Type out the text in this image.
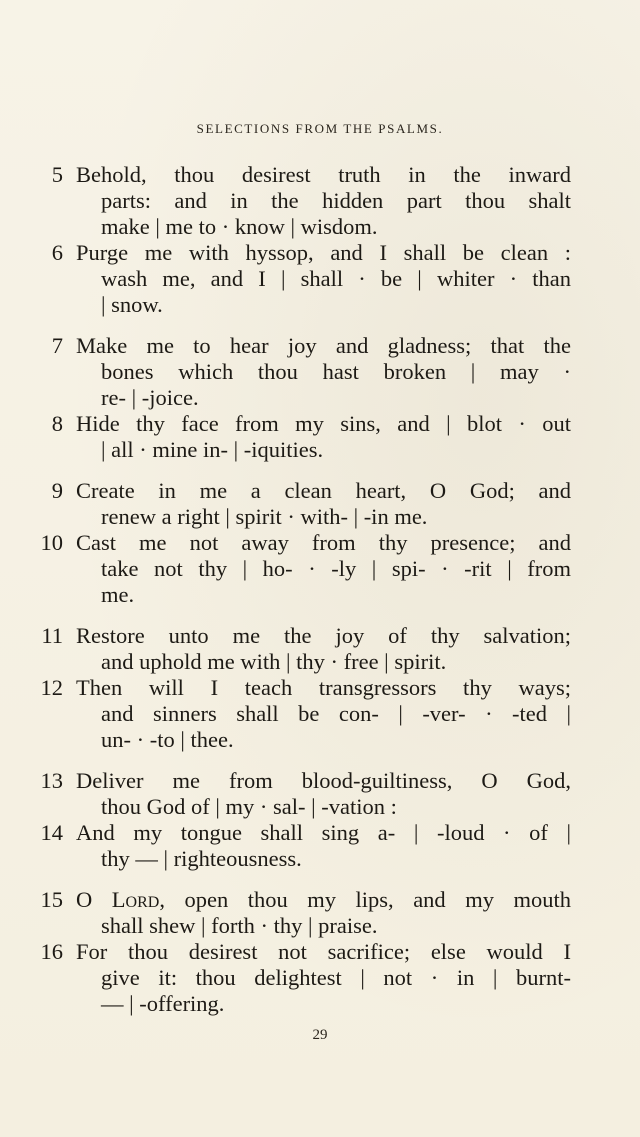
SELECTIONS FROM THE PSALMS.
5 Behold, thou desirest truth in the inward
parts: and in the hidden part thou shalt
make | me to · know | wisdom.
6 Purge me with hyssop, and I shall be clean :
wash me, and I | shall · be | whiter · than
| snow.
7 Make me to hear joy and gladness; that the
bones which thou hast broken | may ·
re- | -joice.
8 Hide thy face from my sins, and | blot · out
| all · mine in- | -iquities.
9 Create in me a clean heart, O God; and
renew a right | spirit · with- | -in me.
10 Cast me not away from thy presence; and
take not thy | ho- · -ly | spi- · -rit | from
me.
11 Restore unto me the joy of thy salvation;
and uphold me with | thy · free | spirit.
12 Then will I teach transgressors thy ways;
and sinners shall be con- | -ver- · -ted |
un- · -to | thee.
13 Deliver me from blood-guiltiness, O God,
thou God of | my · sal- | -vation :
14 And my tongue shall sing a- | -loud · of |
thy — | righteousness.
15 O Lord, open thou my lips, and my mouth
shall shew | forth · thy | praise.
16 For thou desirest not sacrifice; else would I
give it: thou delightest | not · in | burnt-
— | -offering.
29
